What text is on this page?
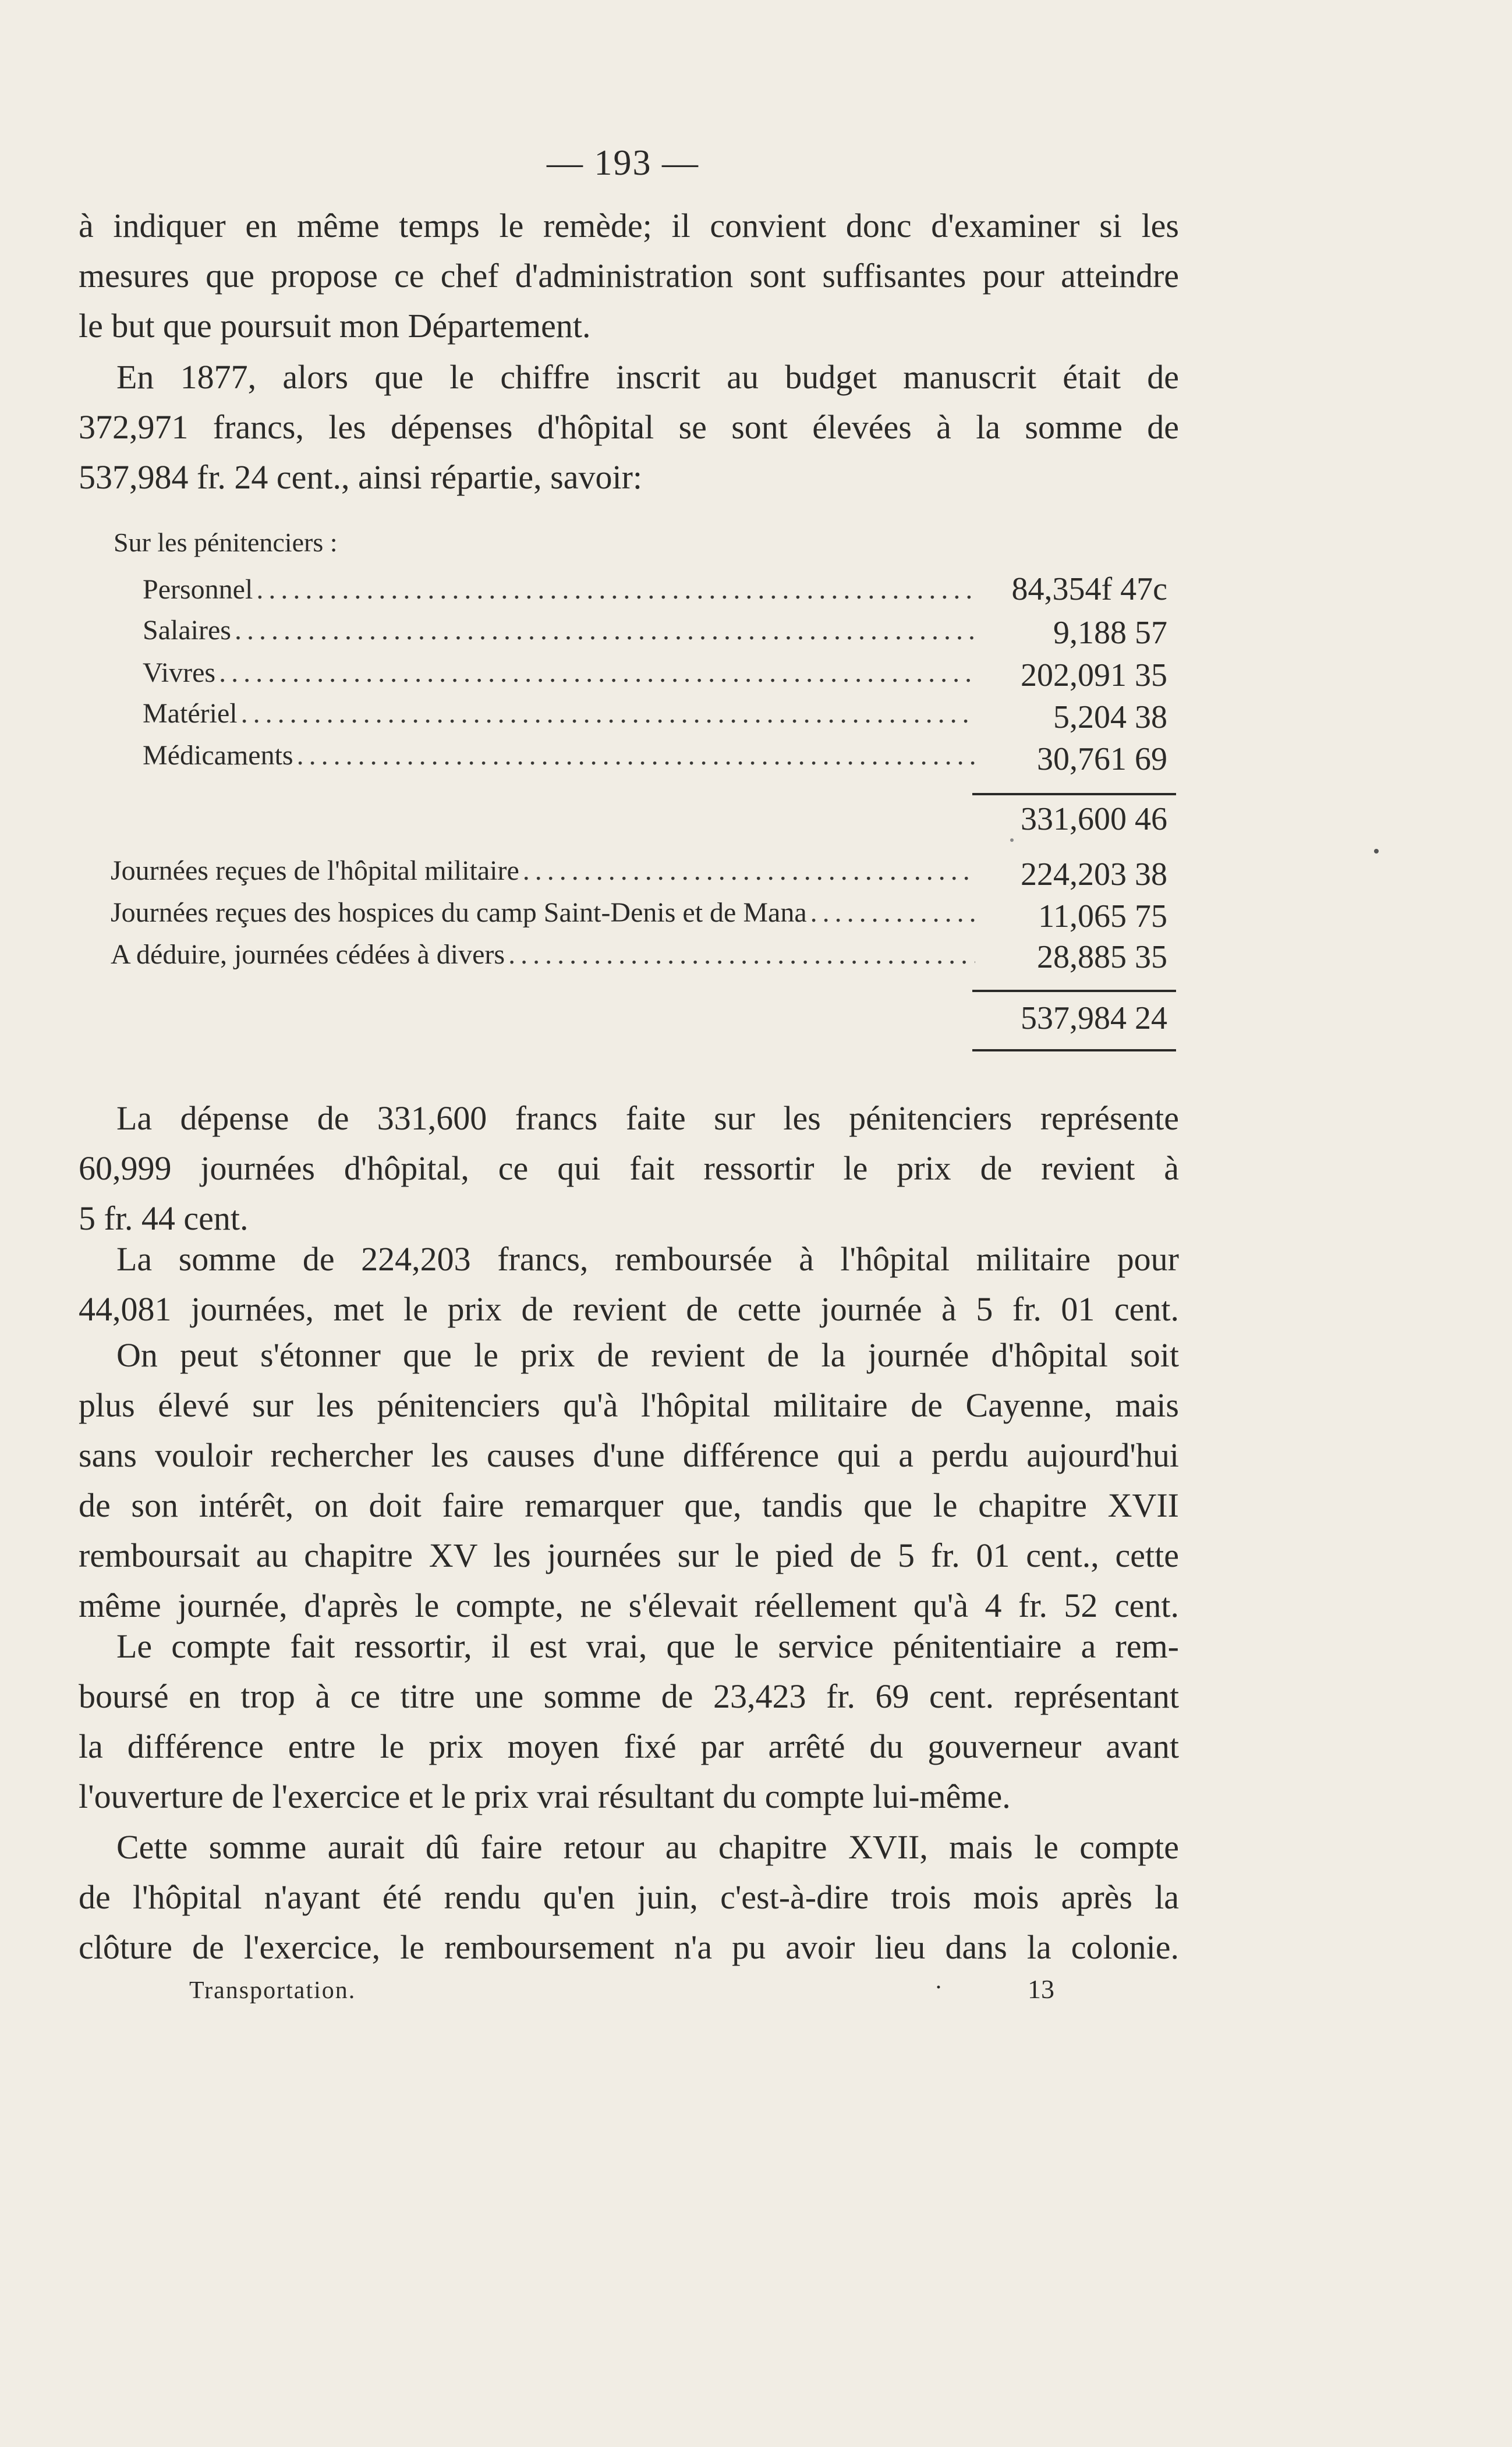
— 193 —
à indiquer en même temps le remède; il convient donc d'examiner si les
mesures que propose ce chef d'administration sont suffisantes pour atteindre
le but que poursuit mon Département.
En 1877, alors que le chiffre inscrit au budget manuscrit était de
372,971 francs, les dépenses d'hôpital se sont élevées à la somme de
537,984 fr. 24 cent., ainsi répartie, savoir:
Sur les pénitenciers :
Personnel .....	84,354f 47c
Salaires .....	9,188 57
Vivres .....	202,091 35
Matériel .....	5,204 38
Médicaments .....	30,761 69
331,600 46
Journées reçues de l'hôpital militaire .....	224,203 38
Journées reçues des hospices du camp Saint-Denis et de Mana .....	11,065 75
A déduire, journées cédées à divers .....	28,885 35
537,984 24
La dépense de 331,600 francs faite sur les pénitenciers représente
60,999 journées d'hôpital, ce qui fait ressortir le prix de revient à
5 fr. 44 cent.
La somme de 224,203 francs, remboursée à l'hôpital militaire pour
44,081 journées, met le prix de revient de cette journée à 5 fr. 01 cent.
On peut s'étonner que le prix de revient de la journée d'hôpital soit
plus élevé sur les pénitenciers qu'à l'hôpital militaire de Cayenne, mais
sans vouloir rechercher les causes d'une différence qui a perdu aujourd'hui
de son intérêt, on doit faire remarquer que, tandis que le chapitre XVII
remboursait au chapitre XV les journées sur le pied de 5 fr. 01 cent., cette
même journée, d'après le compte, ne s'élevait réellement qu'à 4 fr. 52 cent.
Le compte fait ressortir, il est vrai, que le service pénitentiaire a rem-
boursé en trop à ce titre une somme de 23,423 fr. 69 cent. représentant
la différence entre le prix moyen fixé par arrêté du gouverneur avant
l'ouverture de l'exercice et le prix vrai résultant du compte lui-même.
Cette somme aurait dû faire retour au chapitre XVII, mais le compte
de l'hôpital n'ayant été rendu qu'en juin, c'est-à-dire trois mois après la
clôture de l'exercice, le remboursement n'a pu avoir lieu dans la colonie.
Transportation.	·	13
